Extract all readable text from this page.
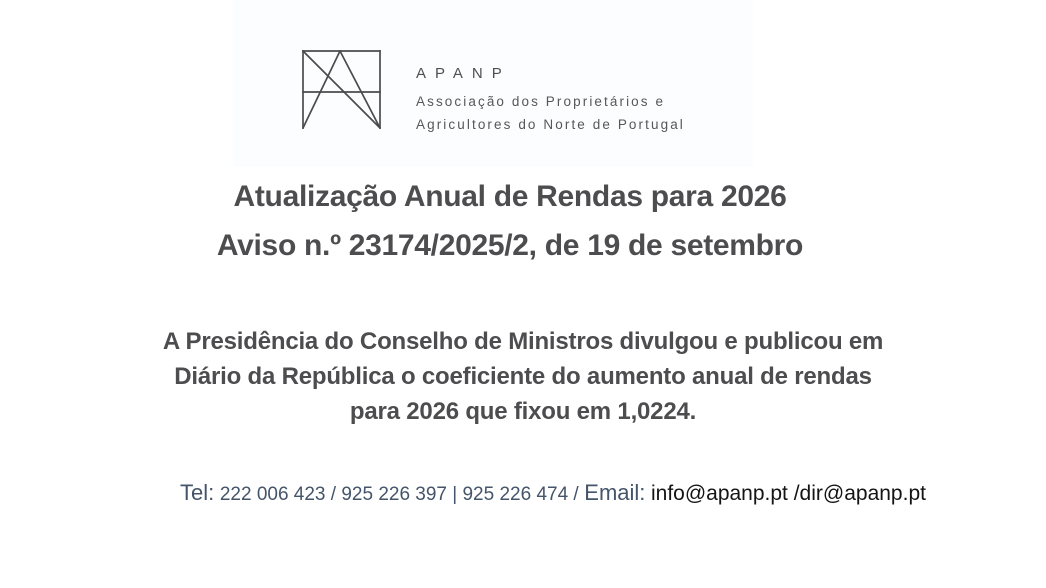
APANP
Associação dos Proprietários e
Agricultores do Norte de Portugal
Atualização Anual de Rendas para 2026
Aviso n.º 23174/2025/2, de 19 de setembro
A Presidência do Conselho de Ministros divulgou e publicou em
Diário da República o coeficiente do aumento anual de rendas
para 2026 que fixou em 1,0224.
Tel: 222 006 423 / 925 226 397 | 925 226 474 / Email: info@apanp.pt /dir@apanp.pt
